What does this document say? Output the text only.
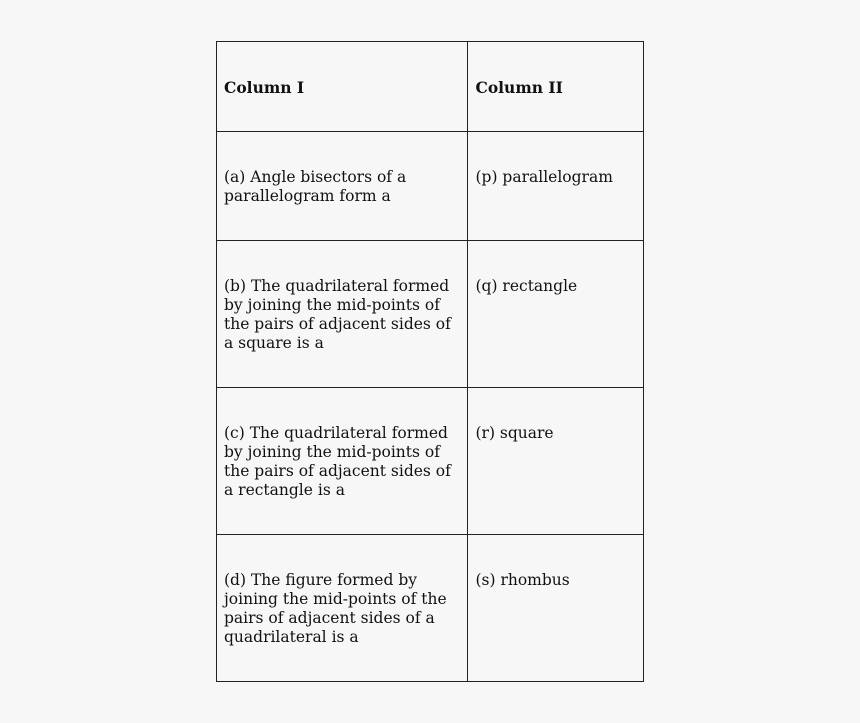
Column I	Column II

(a) Angle bisectors of a parallelogram form a	(p) parallelogram

(b) The quadrilateral formed by joining the mid-points of the pairs of adjacent sides of a square is a	(q) rectangle

(c) The quadrilateral formed by joining the mid-points of the pairs of adjacent sides of a rectangle is a	(r) square

(d) The figure formed by joining the mid-points of the pairs of adjacent sides of a quadrilateral is a	(s) rhombus
